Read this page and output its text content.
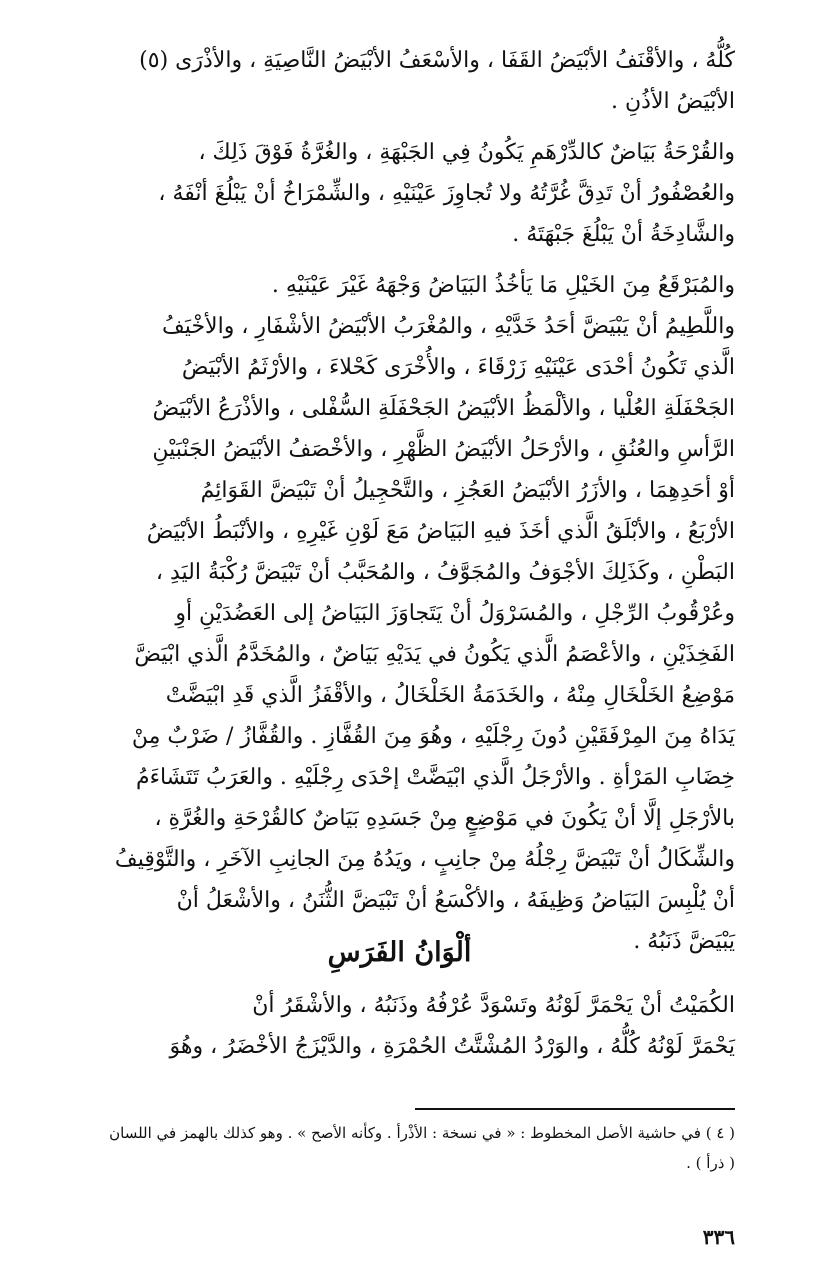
كُلُّهُ ، والأقْنَفُ الأبْيَضُ القَفَا ، والأسْعَفُ الأبْيَضُ النَّاصِيَةِ ، والأذْرَى (٥)
الأبْيَضُ الأذُنِ .

والقُرْحَةُ بَيَاضٌ كالدِّرْهَمِ يَكُونُ فِي الجَبْهَةِ ، والغُرَّةُ فَوْقَ ذَلِكَ ،
والعُصْفُورُ أنْ تَدِقَّ غُرَّتُهُ ولا تُجاوِزَ عَيْنَيْهِ ، والشِّمْرَاخُ أنْ يَبْلُغَ أنْفَهُ ،
والشَّادِخَةُ أنْ يَبْلُغَ جَبْهَتَهُ .

والمُبَرْقَعُ مِنَ الخَيْلِ مَا يَأخُذُ البَيَاضُ وَجْهَهُ غَيْرَ عَيْنَيْهِ .
واللَّطِيمُ أنْ يَبْيَضَّ أحَدُ خَدَّيْهِ ، والمُغْرَبُ الأبْيَضُ الأشْفَارِ ، والأخْيَفُ
الَّذي تَكُونُ أحْدَى عَيْنَيْهِ زَرْقَاءَ ، والأُخْرَى كَحْلاءَ ، والأرْثَمُ الأبْيَضُ
الجَحْفَلَةِ العُلْيا ، والألْمَظُ الأبْيَضُ الجَحْفَلَةِ السُّفْلى ، والأذْرَعُ الأبْيَضُ
الرَّأسِ والعُنُقِ ، والأرْحَلُ الأبْيَضُ الظَّهْرِ ، والأخْصَفُ الأبْيَضُ الجَنْبَيْنِ
أوْ أحَدِهِمَا ، والأزَرُ الأبْيَضُ العَجُزِ ، والتَّحْجِيلُ أنْ تَبْيَضَّ القَوَائِمُ
الأرْبَعُ ، والأبْلَقُ الَّذي أخَذَ فيهِ البَيَاضُ مَعَ لَوْنِ غَيْرِهِ ، والأنْبَطُ الأبْيَضُ
البَطْنِ ، وكَذَلِكَ الأجْوَفُ والمُجَوَّفُ ، والمُحَبَّبُ أنْ تَبْيَضَّ رُكْبَةُ اليَدِ ،
وعُرْقُوبُ الرِّجْلِ ، والمُسَرْوَلُ أنْ يَتَجاوَزَ البَيَاضُ إلى العَضُدَيْنِ أوِ
الفَخِذَيْنِ ، والأعْصَمُ الَّذي يَكُونُ في يَدَيْهِ بَيَاضٌ ، والمُخَدَّمُ الَّذي ابْيَضَّ
مَوْضِعُ الخَلْخَالِ مِنْهُ ، والخَدَمَةُ الخَلْخَالُ ، والأقْفَزُ الَّذي قَدِ ابْيَضَّتْ
يَدَاهُ مِنَ المِرْفَقَيْنِ دُونَ رِجْلَيْهِ ، وهُوَ مِنَ القُفَّازِ . والقُفَّازُ / ضَرْبٌ مِنْ
خِضَابِ المَرْأةِ . والأرْجَلُ الَّذي ابْيَضَّتْ إحْدَى رِجْلَيْهِ . والعَرَبُ تَتَشَاءَمُ
بالأرْجَلِ إلَّا أنْ يَكُونَ في مَوْضِعٍ مِنْ جَسَدِهِ بَيَاضٌ كالقُرْحَةِ والغُرَّةِ ،
والشِّكَالُ أنْ تَبْيَضَّ رِجْلُهُ مِنْ جانِبٍ ، ويَدُهُ مِنَ الجانِبِ الآخَرِ ، والتَّوْقِيفُ
أنْ يُلْبِسَ البَيَاضُ وَظِيفَهُ ، والأكْسَعُ أنْ تَبْيَضَّ الثُّنَنُ ، والأشْعَلُ أنْ
يَبْيَضَّ ذَنَبُهُ .

ألْوَانُ الفَرَسِ

الكُمَيْتُ أنْ يَحْمَرَّ لَوْنُهُ وتَسْوَدَّ عُرْفُهُ وذَنَبُهُ ، والأشْقَرُ أنْ
يَحْمَرَّ لَوْنُهُ كُلُّهُ ، والوَرْدُ المُشْتَّتُ الحُمْرَةِ ، والدَّيْزَجُ الأخْضَرُ ، وهُوَ

( ٤ ) في حاشية الأصل المخطوط : « في نسخة : الأذْرأ . وكأنه الأصح » . وهو كذلك بالهمز في اللسان
( ذرأ ) .
٣٣٦
